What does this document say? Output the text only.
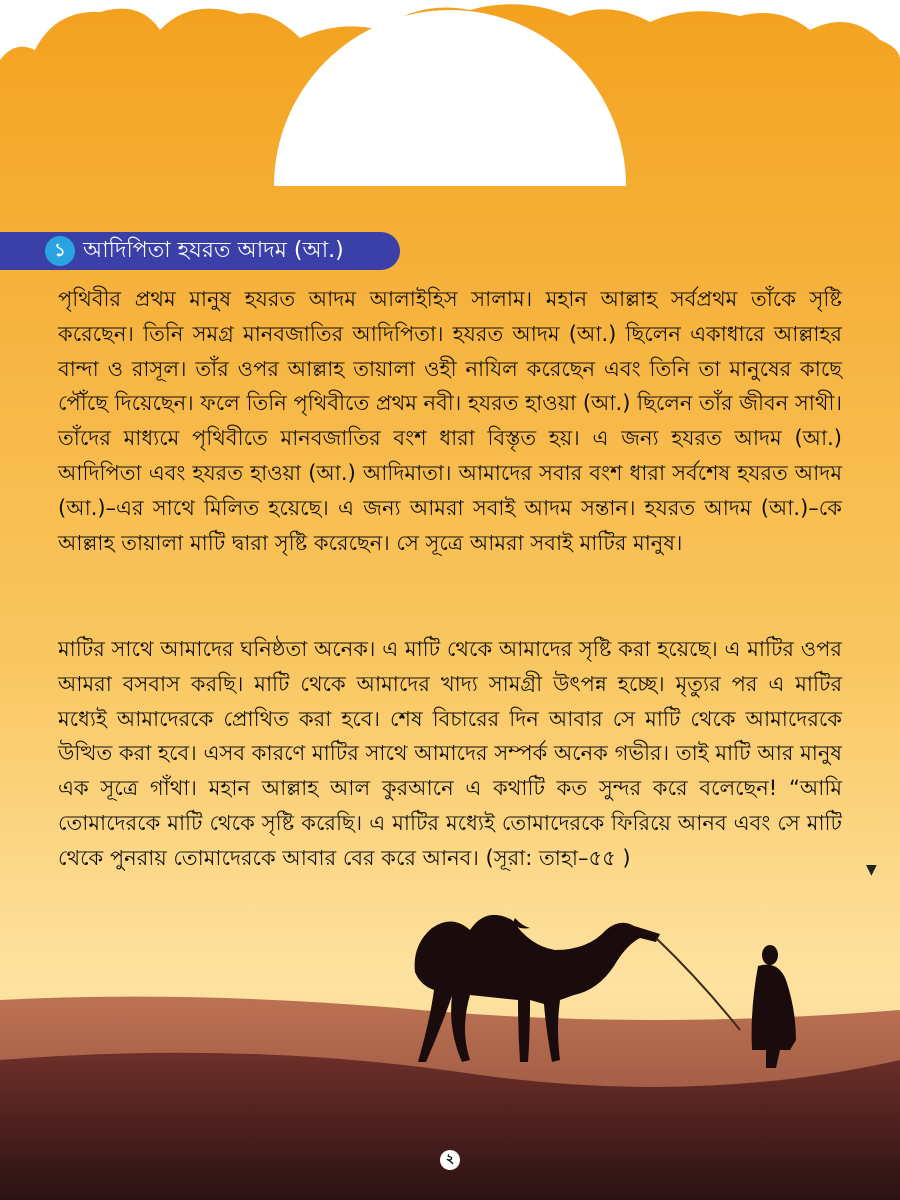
১ আদিপিতা হযরত আদম (আ.)

পৃথিবীর প্রথম মানুষ হযরত আদম আলাইহিস সালাম। মহান আল্লাহ সর্বপ্রথম তাঁকে সৃষ্টি করেছেন। তিনি সমগ্র মানবজাতির আদিপিতা। হযরত আদম (আ.) ছিলেন একাধারে আল্লাহর বান্দা ও রাসূল। তাঁর ওপর আল্লাহ তায়ালা ওহী নাযিল করেছেন এবং তিনি তা মানুষের কাছে পৌঁছে দিয়েছেন। ফলে তিনি পৃথিবীতে প্রথম নবী। হযরত হাওয়া (আ.) ছিলেন তাঁর জীবন সাথী। তাঁদের মাধ্যমে পৃথিবীতে মানবজাতির বংশ ধারা বিস্তৃত হয়। এ জন্য হযরত আদম (আ.) আদিপিতা এবং হযরত হাওয়া (আ.) আদিমাতা। আমাদের সবার বংশ ধারা সর্বশেষ হযরত আদম (আ.)–এর সাথে মিলিত হয়েছে। এ জন্য আমরা সবাই আদম সন্তান। হযরত আদম (আ.)–কে আল্লাহ তায়ালা মাটি দ্বারা সৃষ্টি করেছেন। সে সূত্রে আমরা সবাই মাটির মানুষ।

মাটির সাথে আমাদের ঘনিষ্ঠতা অনেক। এ মাটি থেকে আমাদের সৃষ্টি করা হয়েছে। এ মাটির ওপর আমরা বসবাস করছি। মাটি থেকে আমাদের খাদ্য সামগ্রী উৎপন্ন হচ্ছে। মৃত্যুর পর এ মাটির মধ্যেই আমাদেরকে প্রোথিত করা হবে। শেষ বিচারের দিন আবার সে মাটি থেকে আমাদেরকে উত্থিত করা হবে। এসব কারণে মাটির সাথে আমাদের সম্পর্ক অনেক গভীর। তাই মাটি আর মানুষ এক সূত্রে গাঁথা। মহান আল্লাহ আল কুরআনে এ কথাটি কত সুন্দর করে বলেছেন! “আমি তোমাদেরকে মাটি থেকে সৃষ্টি করেছি। এ মাটির মধ্যেই তোমাদেরকে ফিরিয়ে আনব এবং সে মাটি থেকে পুনরায় তোমাদেরকে আবার বের করে আনব। (সূরা: তাহা–৫৫ )

▼
২
